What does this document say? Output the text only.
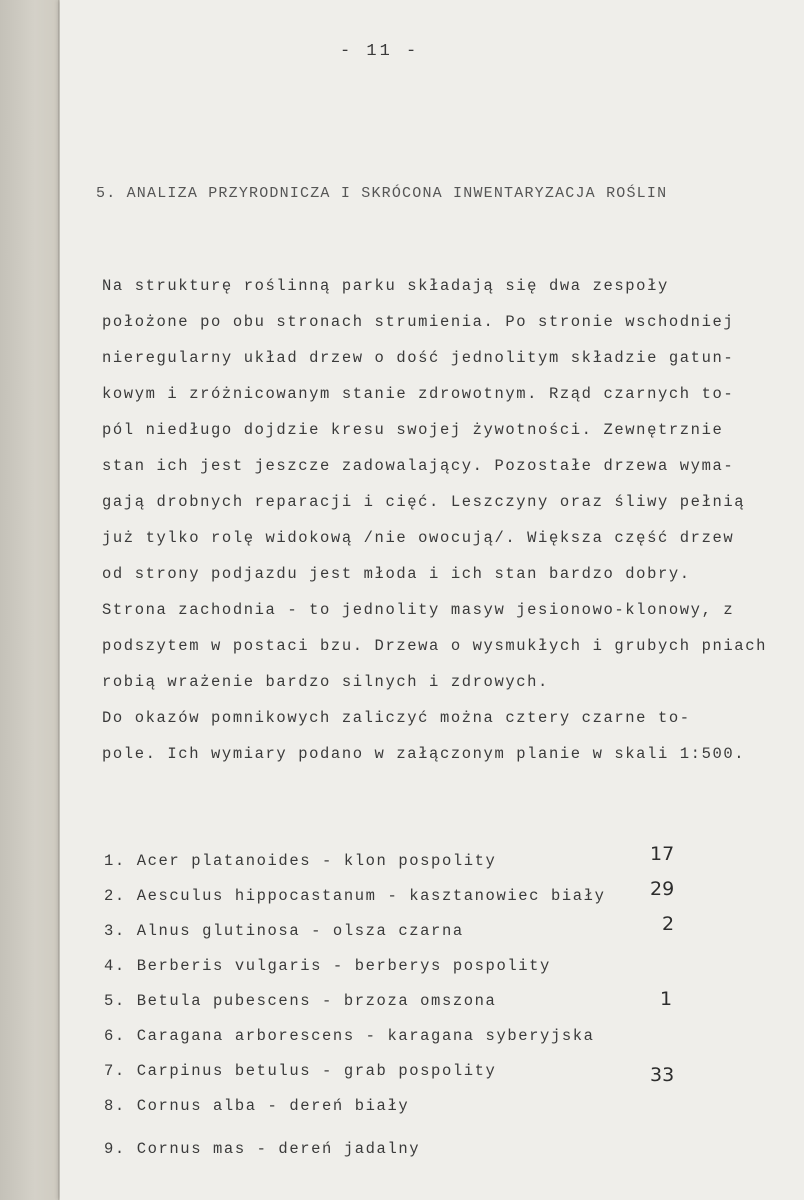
- 11 -
5. ANALIZA PRZYRODNICZA I SKRÓCONA INWENTARYZACJA ROŚLIN
Na strukturę roślinną parku składają się dwa zespoły
położone po obu stronach strumienia. Po stronie wschodniej
nieregularny układ drzew o dość jednolitym składzie gatun-
kowym i zróżnicowanym stanie zdrowotnym. Rząd czarnych to-
pól niedługo dojdzie kresu swojej żywotności. Zewnętrznie
stan ich jest jeszcze zadowalający. Pozostałe drzewa wyma-
gają drobnych reparacji i cięć. Leszczyny oraz śliwy pełnią
już tylko rolę widokową /nie owocują/. Większa część drzew
od strony podjazdu jest młoda i ich stan bardzo dobry.
Strona zachodnia - to jednolity masyw jesionowo-klonowy, z
podszytem w postaci bzu. Drzewa o wysmukłych i grubych pniach
robią wrażenie bardzo silnych i zdrowych.
Do okazów pomnikowych zaliczyć można cztery czarne to-
pole. Ich wymiary podano w załączonym planie w skali 1:500.
1. Acer platanoides - klon pospolity	17
2. Aesculus hippocastanum - kasztanowiec biały 29
3. Alnus glutinosa - olsza czarna	2
4. Berberis vulgaris - berberys pospolity
5. Betula pubescens - brzoza omszona	1
6. Caragana arborescens - karagana syberyjska
7. Carpinus betulus - grab pospolity	33
8. Cornus alba - dereń biały
9. Cornus mas - dereń jadalny
